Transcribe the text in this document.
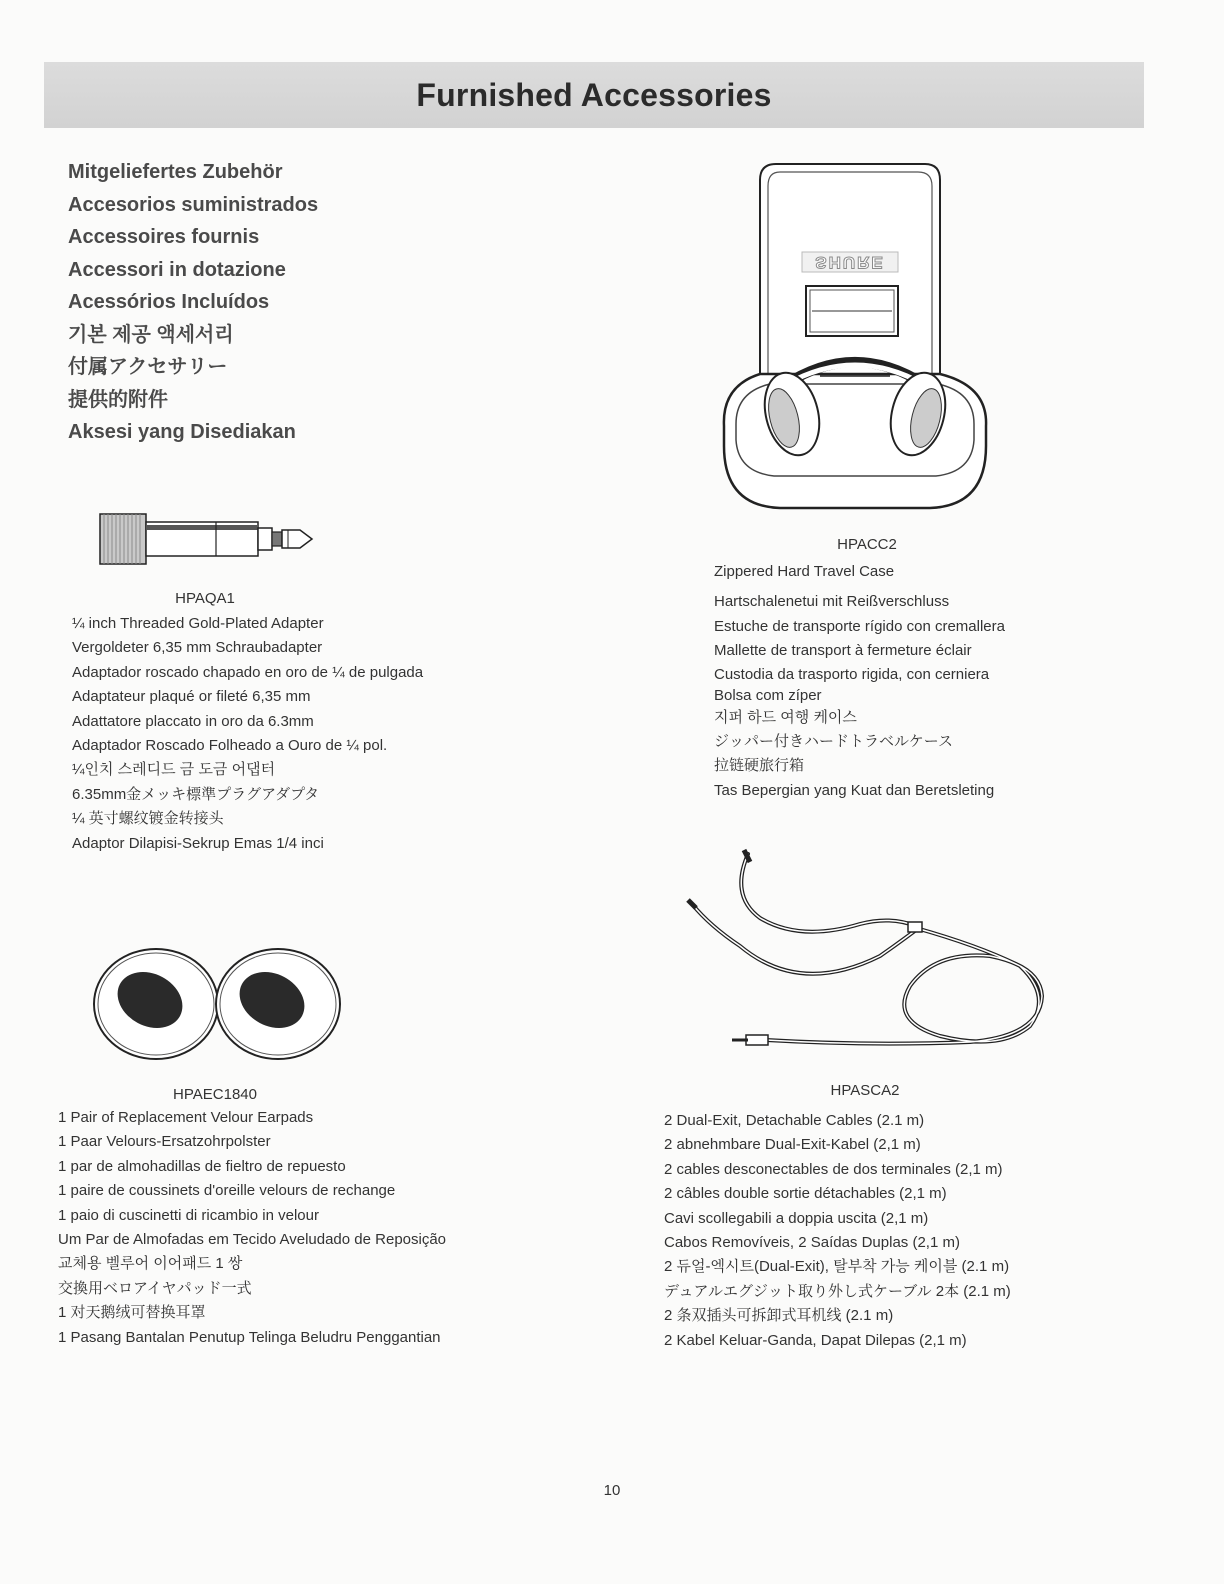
Furnished Accessories
Mitgeliefertes Zubehör
Accesorios suministrados
Accessoires fournis
Accessori in dotazione
Acessórios Incluídos
기본 제공 액세서리
付属アクセサリー
提供的附件
Aksesi yang Disediakan
HPAQA1
¼ inch Threaded Gold-Plated Adapter
Vergoldeter 6,35 mm Schraubadapter
Adaptador roscado chapado en oro de ¼ de pulgada
Adaptateur plaqué or fileté 6,35 mm
Adattatore placcato in oro da 6.3mm
Adaptador Roscado Folheado a Ouro de ¼ pol.
¼인치 스레디드 금 도금 어댑터
6.35mm金メッキ標準プラグアダプタ
¼ 英寸螺纹镀金转接头
Adaptor Dilapisi-Sekrup Emas 1/4 inci
SHURE
HPACC2
Zippered Hard Travel Case
Hartschalenetui mit Reißverschluss
Estuche de transporte rígido con cremallera
Mallette de transport à fermeture éclair
Custodia da trasporto rigida, con cerniera
Bolsa com zíper
지퍼 하드 여행 케이스
ジッパー付きハードトラベルケース
拉链硬旅行箱
Tas Bepergian yang Kuat dan Beretsleting
HPAEC1840
1 Pair of Replacement Velour Earpads
1 Paar Velours-Ersatzohrpolster
1 par de almohadillas de fieltro de repuesto
1 paire de coussinets d'oreille velours de rechange
1 paio di cuscinetti di ricambio in velour
Um Par de Almofadas em Tecido Aveludado de Reposição
교체용 벨루어 이어패드 1 쌍
交換用ベロアイヤパッド一式
1 对天鹅绒可替换耳罩
1 Pasang Bantalan Penutup Telinga Beludru Penggantian
HPASCA2
2 Dual-Exit, Detachable Cables (2.1 m)
2 abnehmbare Dual-Exit-Kabel (2,1 m)
2 cables desconectables de dos terminales (2,1 m)
2 câbles double sortie détachables (2,1 m)
Cavi scollegabili a doppia uscita (2,1 m)
Cabos Removíveis, 2 Saídas Duplas (2,1 m)
2 듀얼-엑시트(Dual-Exit), 탈부착 가능 케이블 (2.1 m)
デュアルエグジット取り外し式ケーブル 2本 (2.1 m)
2 条双插头可拆卸式耳机线 (2.1 m)
2 Kabel Keluar-Ganda, Dapat Dilepas (2,1 m)
10
